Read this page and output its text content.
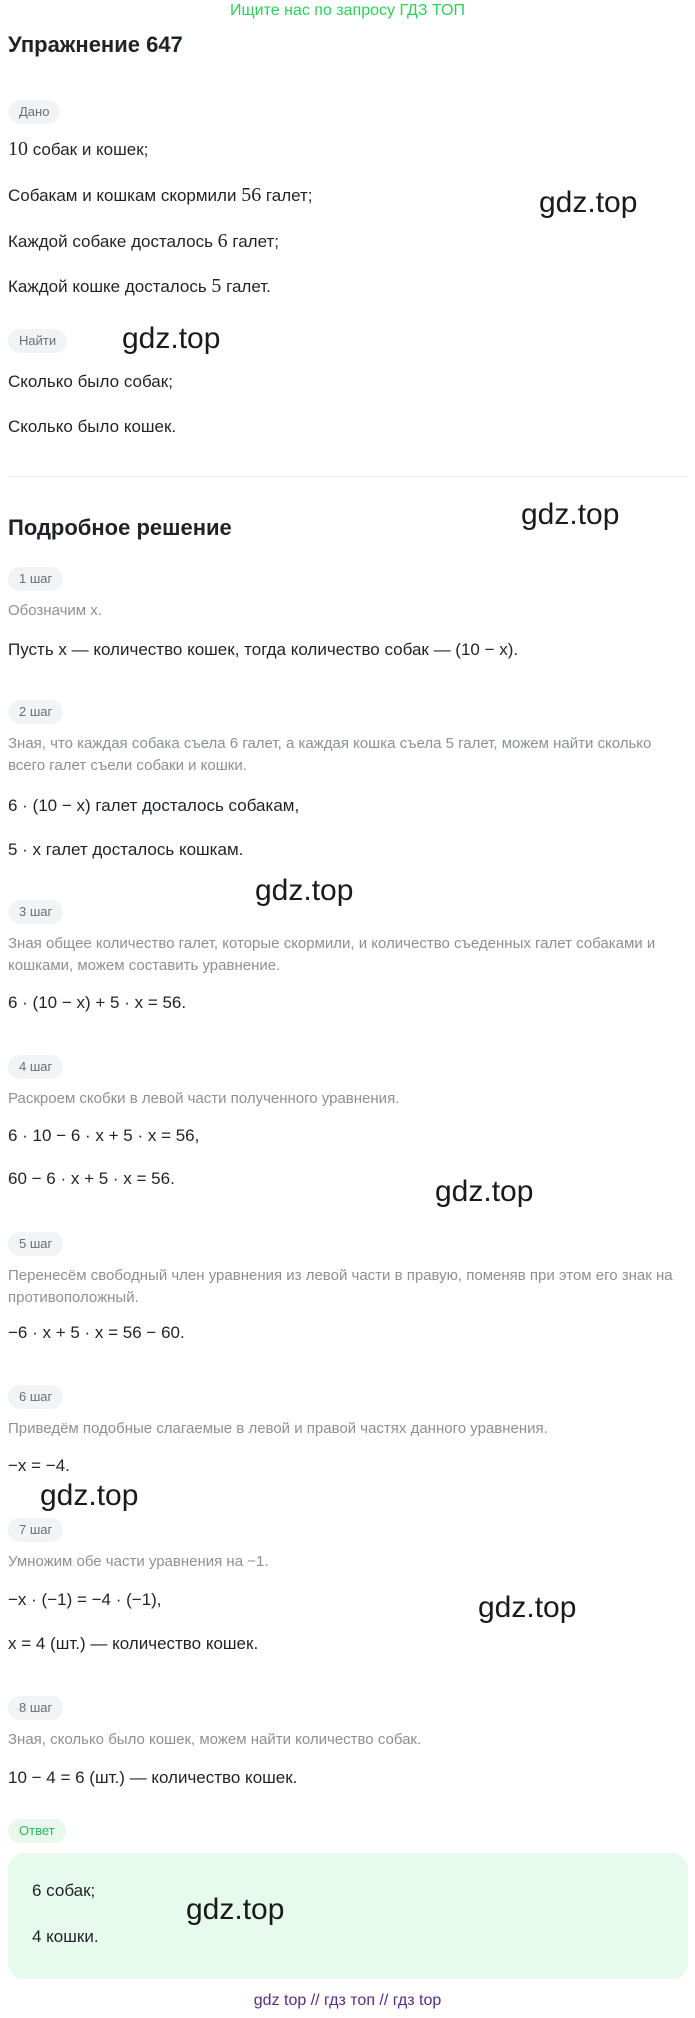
Ищите нас по запросу ГДЗ ТОП
Упражнение 647
Дано
10 собак и кошек;
Собакам и кошкам скормили 56 галет;
Каждой собаке досталось 6 галет;
Каждой кошке досталось 5 галет.
Найти
Сколько было собак;
Сколько было кошек.
Подробное решение
1 шаг
Обозначим x.
Пусть x — количество кошек, тогда количество собак — (10 − x).
2 шаг
Зная, что каждая собака съела 6 галет, а каждая кошка съела 5 галет, можем найти сколько всего галет съели собаки и кошки.
6 · (10 − x) галет досталось собакам,
5 · x галет досталось кошкам.
3 шаг
Зная общее количество галет, которые скормили, и количество съеденных галет собаками и кошками, можем составить уравнение.
6 · (10 − x) + 5 · x = 56.
4 шаг
Раскроем скобки в левой части полученного уравнения.
6 · 10 − 6 · x + 5 · x = 56,
60 − 6 · x + 5 · x = 56.
5 шаг
Перенесём свободный член уравнения из левой части в правую, поменяв при этом его знак на противоположный.
−6 · x + 5 · x = 56 − 60.
6 шаг
Приведём подобные слагаемые в левой и правой частях данного уравнения.
−x = −4.
7 шаг
Умножим обе части уравнения на −1.
−x · (−1) = −4 · (−1),
x = 4 (шт.) — количество кошек.
8 шаг
Зная, сколько было кошек, можем найти количество собак.
10 − 4 = 6 (шт.) — количество кошек.
Ответ
6 собак;
4 кошки.
gdz.top
gdz.top
gdz.top
gdz.top
gdz.top
gdz.top
gdz.top
gdz.top
gdz top // гдз топ // гдз top
